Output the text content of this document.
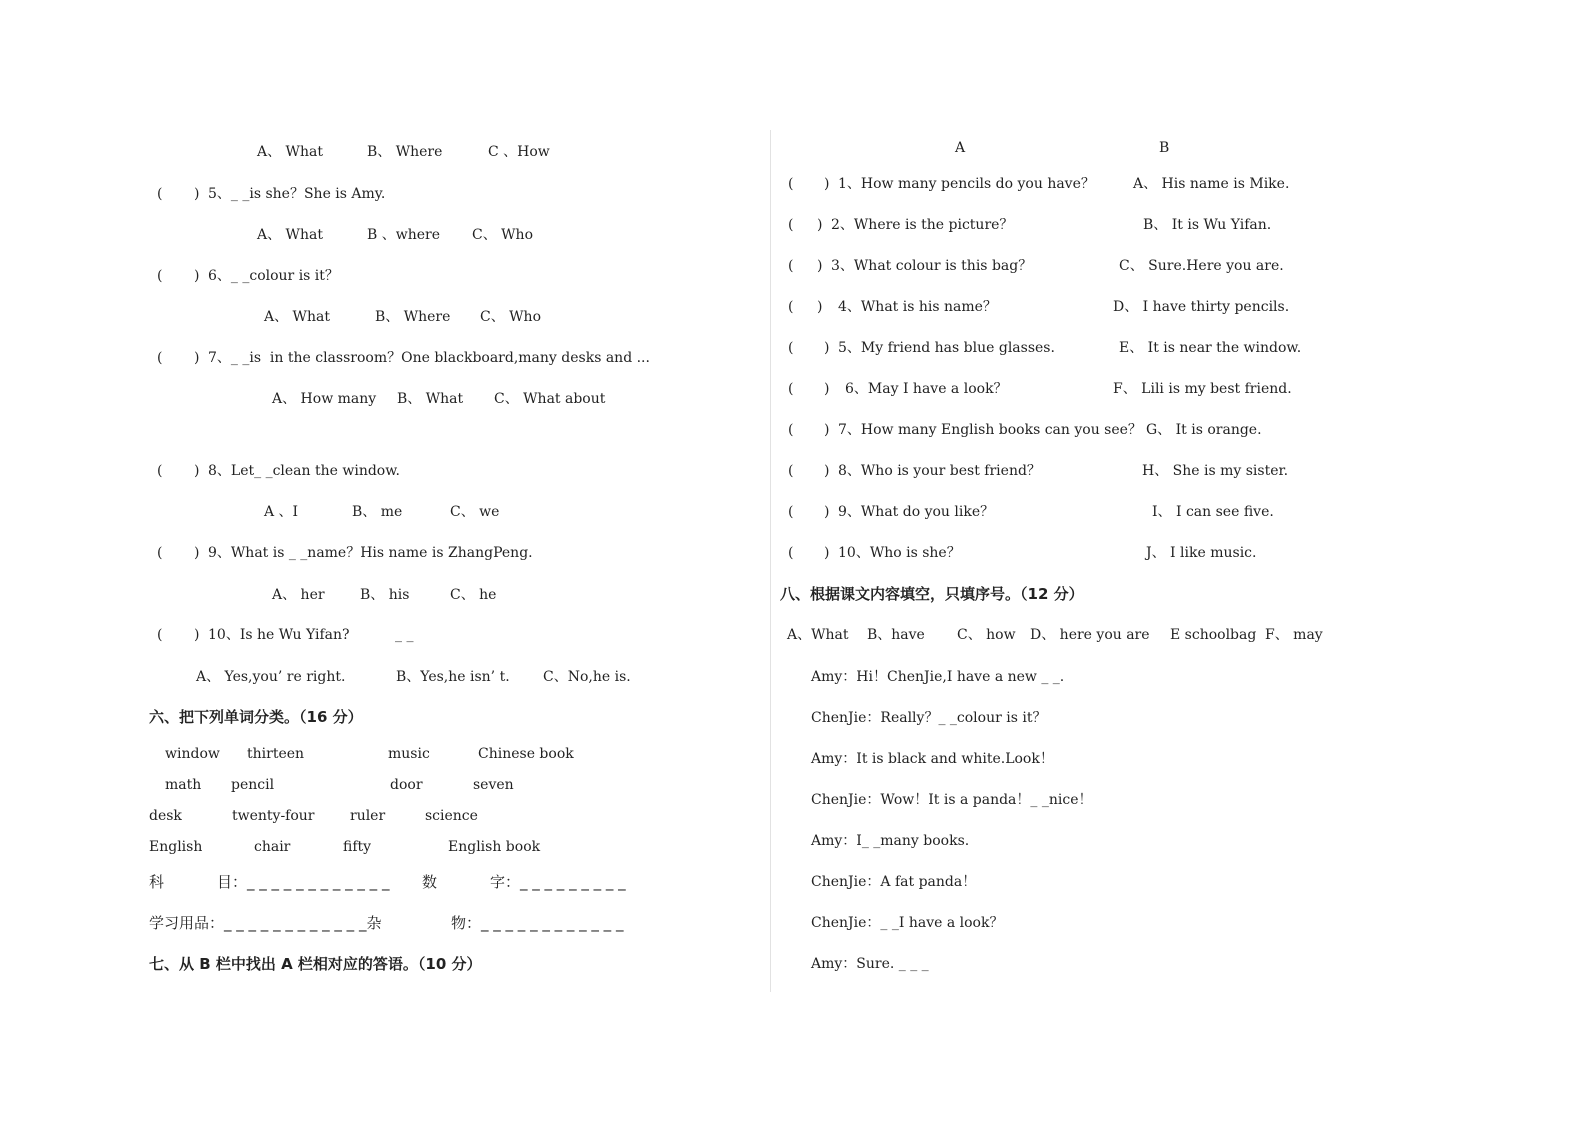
A、 What	B、 Where	C 、How
( ) 5、_ _is she？She is Amy.
A、 What	B 、where C、 Who
( ) 6、_ _colour is it？
A、 What	B、 Where C、 Who
( ) 7、_ _is  in the classroom？One blackboard,many desks and ...
A、 How many B、 What C、 What about
( ) 8、Let_ _clean the window.
A 、I	B、 me	C、 we
( ) 9、What is _ _name？His name is ZhangPeng.
A、 her	B、 his	C、 he
( ) 10、Is he Wu Yifan?	_ _
A、 Yes,you’ re right.	B、Yes,he isn’ t. C、No,he is.
六、把下列单词分类。（16 分）
window thirteen	music	Chinese book
math pencil	door	seven
desk	twenty-four	ruler	science
English	chair	fifty	English book
科	目：_ _ _ _ _ _ _ _ _ _ _ _ 数	字：_ _ _ _ _ _ _ _ _
学习用品：_ _ _ _ _ _ _ _ _ _ _ _杂	物：_ _ _ _ _ _ _ _ _ _ _ _
七、从 B 栏中找出 A 栏相对应的答语。（10 分）
A	B
( ) 1、How many pencils do you have？	A、 His name is Mike.
( ) 2、Where is the picture？	B、 It is Wu Yifan.
( ) 3、What colour is this bag？	C、 Sure.Here you are.
( ) 4、What is his name？	D、 I have thirty pencils.
( ) 5、My friend has blue glasses.	E、 It is near the window.
( ) 6、May I have a look？	F、 Lili is my best friend.
( ) 7、How many English books can you see？ G、 It is orange.
( ) 8、Who is your best friend？	H、 She is my sister.
( ) 9、What do you like？	I、 I can see five.
( ) 10、Who is she？	J、 I like music.
八、根据课文内容填空，只填序号。（12 分）
A、What B、have C、 how D、 here you are E schoolbag F、 may
Amy：Hi！ChenJie,I have a new _ _.
ChenJie：Really？_ _colour is it？
Amy：It is black and white.Look！
ChenJie：Wow！It is a panda！_ _nice！
Amy：I_ _many books.
ChenJie：A fat panda！
ChenJie：_ _I have a look？
Amy：Sure. _ _ _
